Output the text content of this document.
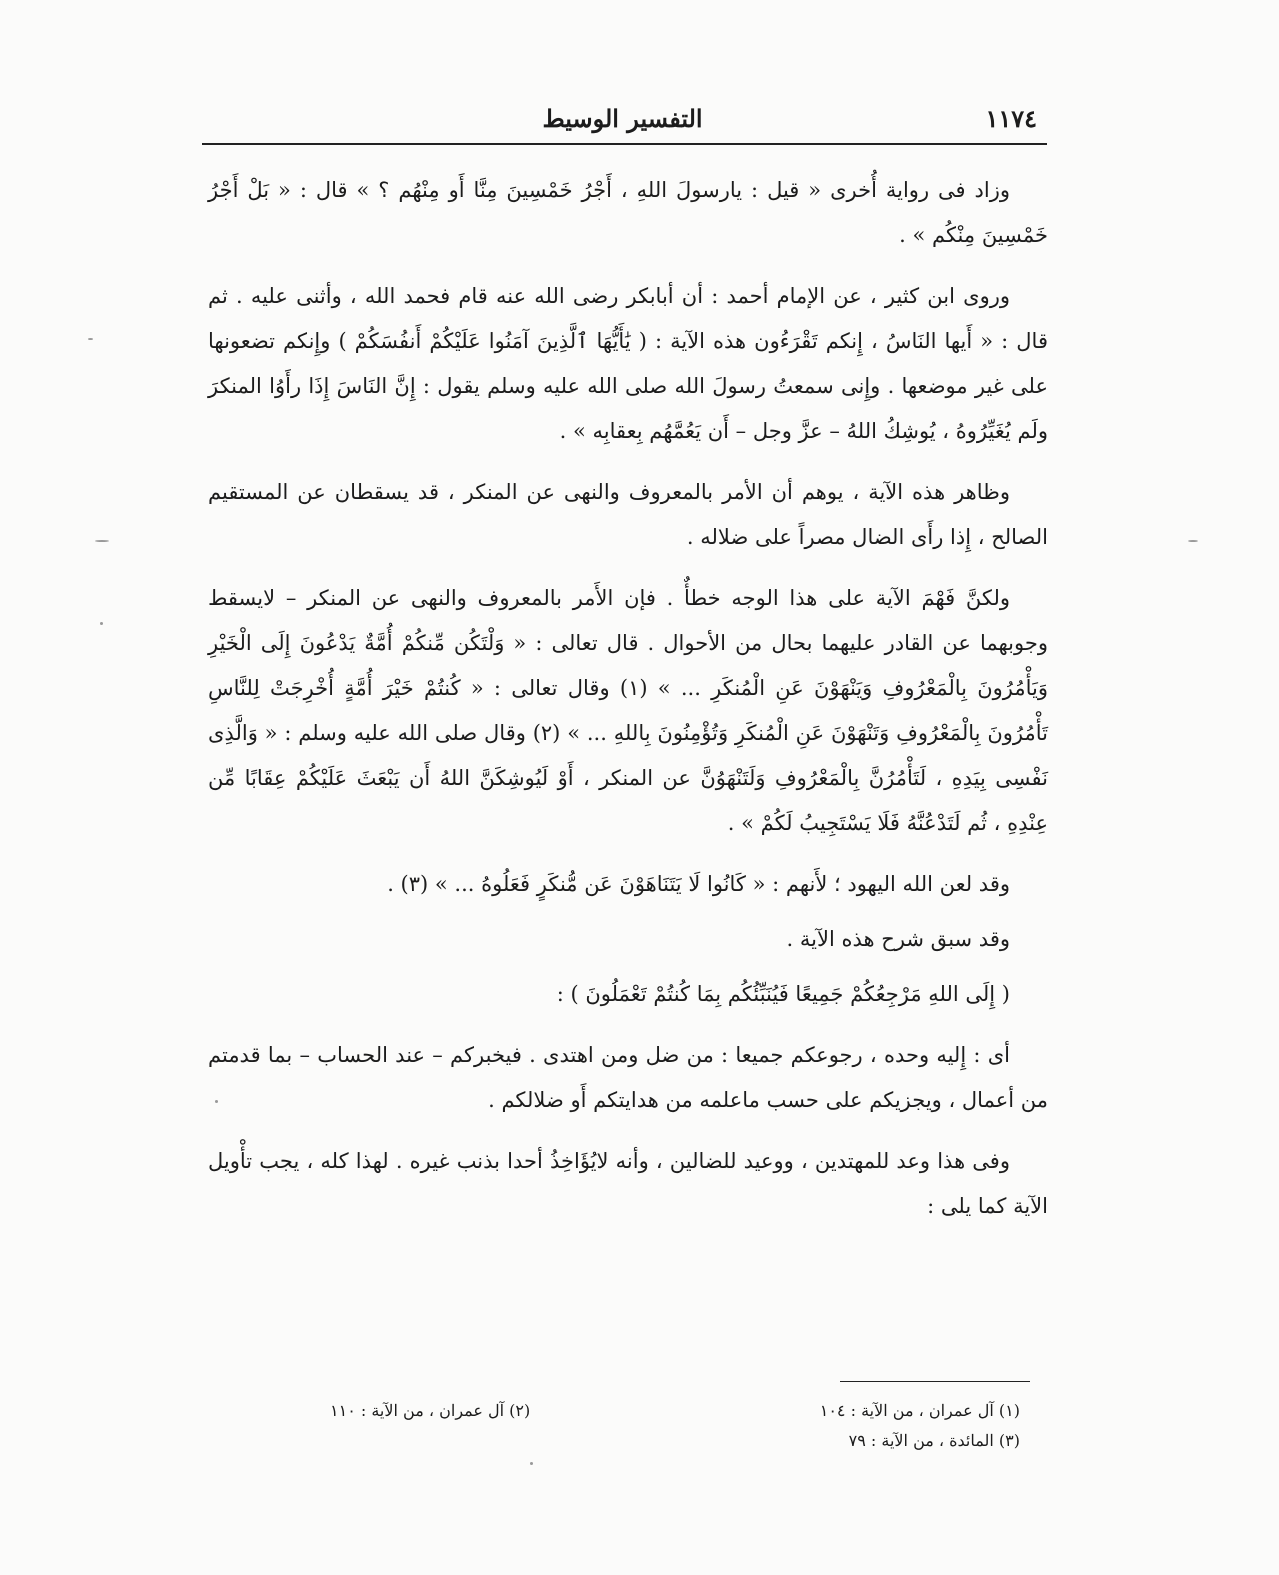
١١٧٤
التفسير الوسيط

وزاد فى رواية أُخرى « قيل : يارسولَ اللهِ ، أَجْرُ خَمْسِينَ مِنَّا أَو مِنْهُم ؟ » قال : « بَلْ أَجْرُ خَمْسِينَ مِنْكُم » .

وروى ابن كثير ، عن الإمام أحمد : أن أبابكر رضى الله عنه قام فحمد الله ، وأثنى عليه . ثم قال : « أَيها النَاسُ ، إِنكم تَقْرَءُون هذه الآية : ( يَٰأَيُّهَا ٱلَّذِينَ آمَنُوا عَلَيْكُمْ أَنفُسَكُمْ ) وإِنكم تضعونها على غير موضعها . وإِنى سمعتُ رسولَ الله صلى الله عليه وسلم يقول : إِنَّ النَاسَ إِذَا رأَوُا المنكرَ ولَم يُغَيِّرُوهُ ، يُوشِكُ اللهُ – عزَّ وجل – أَن يَعُمَّهُم بِعقابِه » .

وظاهر هذه الآية ، يوهم أن الأمر بالمعروف والنهى عن المنكر ، قد يسقطان عن المستقيم الصالح ، إِذا رأَى الضال مصراً على ضلاله .

ولكنَّ فَهْمَ الآية على هذا الوجه خطأٌ . فإن الأَمر بالمعروف والنهى عن المنكر – لايسقط وجوبهما عن القادر عليهما بحال من الأحوال . قال تعالى : « وَلْتَكُن مِّنكُمْ أُمَّةٌ يَدْعُونَ إِلَى الْخَيْرِ وَيَأْمُرُونَ بِالْمَعْرُوفِ وَيَنْهَوْنَ عَنِ الْمُنكَرِ ... » (١) وقال تعالى : « كُنتُمْ خَيْرَ أُمَّةٍ أُخْرِجَتْ لِلنَّاسِ تَأْمُرُونَ بِالْمَعْرُوفِ وَتَنْهَوْنَ عَنِ الْمُنكَرِ وَتُؤْمِنُونَ بِاللهِ ... » (٢) وقال صلى الله عليه وسلم : « وَالَّذِى نَفْسِى بِيَدِهِ ، لَتَأْمُرُنَّ بِالْمَعْرُوفِ وَلَتَنْهَوُنَّ عن المنكر ، أَوْ لَيُوشِكَنَّ اللهُ أَن يَبْعَثَ عَلَيْكُمْ عِقَابًا مِّن عِنْدِهِ ، ثُم لَتَدْعُنَّهُ فَلَا يَسْتَجِيبُ لَكُمْ » .

وقد لعن الله اليهود ؛ لأَنهم : « كَانُوا لَا يَتَنَاهَوْنَ عَن مُّنكَرٍ فَعَلُوهُ ... » (٣) .

وقد سبق شرح هذه الآية .

( إِلَى اللهِ مَرْجِعُكُمْ جَمِيعًا فَيُنَبِّئُكُم بِمَا كُنتُمْ تَعْمَلُونَ ) :

أى : إِليه وحده ، رجوعكم جميعا : من ضل ومن اهتدى . فيخبركم – عند الحساب – بما قدمتم من أعمال ، ويجزيكم على حسب ماعلمه من هدايتكم أَو ضلالكم .

وفى هذا وعد للمهتدين ، ووعيد للضالين ، وأنه لايُؤَاخِذُ أحدا بذنب غيره . لهذا كله ، يجب تأْويل الآية كما يلى :

(١) آل عمران ، من الآية : ١٠٤
(٢) آل عمران ، من الآية : ١١٠
(٣) المائدة ، من الآية : ٧٩
